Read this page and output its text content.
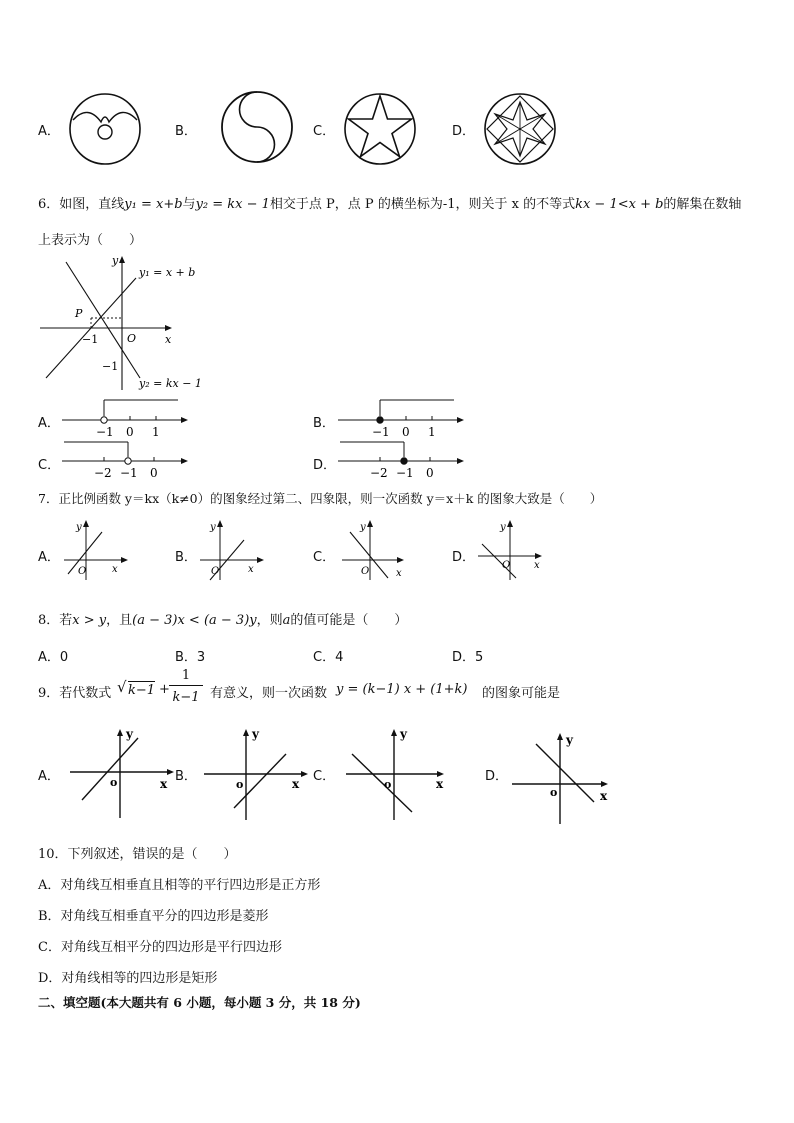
A．	B．	C．	D．
6．如图，直线y₁ = x+b与y₂ = kx − 1相交于点 P，点 P 的横坐标为-1，则关于 x 的不等式kx − 1<x + b的解集在数轴
上表示为（　　）
y
x
O
P
−1
−1
y₁ = x + b
y₂ = kx − 1
A．
−1 0 1
B．
−1 0 1
C．	−2 −1 0	D．	−2 −1 0
7．正比例函数 y＝kx（k≠0）的图象经过第二、四象限，则一次函数 y＝x＋k 的图象大致是（　　）
A．
y
x
O
B．
y
x
O
C．
y
x
O
D．
y
x
O
8．若x > y，且(a − 3)x < (a − 3)y，则a的值可能是（　　）
A．0	B．3	C．4	D．5
9．若代数式 √ k−1 +
1
k−1 有意义，则一次函数 y = (k−1) x + (1+k) 的图象可能是
A．
y
x
o	B．
y
x
o
C．
y
x
o
D．
y
x
o
10．下列叙述，错误的是（　　）
A．对角线互相垂直且相等的平行四边形是正方形
B．对角线互相垂直平分的四边形是菱形
C．对角线互相平分的四边形是平行四边形
D．对角线相等的四边形是矩形
二、填空题(本大题共有 6 小题，每小题 3 分，共 18 分)
